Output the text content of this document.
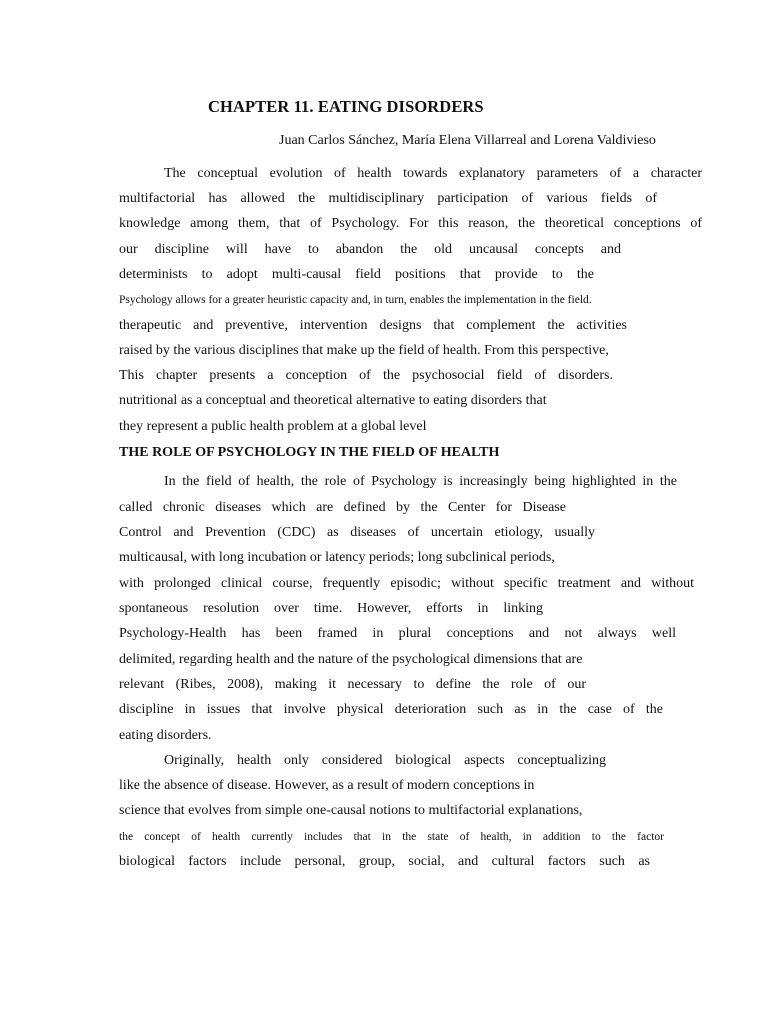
CHAPTER 11. EATING DISORDERS
Juan Carlos Sánchez, María Elena Villarreal and Lorena Valdivieso
The conceptual evolution of health towards explanatory parameters of a character
multifactorial has allowed the multidisciplinary participation of various fields of
knowledge among them, that of Psychology. For this reason, the theoretical conceptions of
our discipline will have to abandon the old uncausal concepts and
determinists to adopt multi-causal field positions that provide to the
Psychology allows for a greater heuristic capacity and, in turn, enables the implementation in the field.
therapeutic and preventive, intervention designs that complement the activities
raised by the various disciplines that make up the field of health. From this perspective,
This chapter presents a conception of the psychosocial field of disorders.
nutritional as a conceptual and theoretical alternative to eating disorders that
they represent a public health problem at a global level
THE ROLE OF PSYCHOLOGY IN THE FIELD OF HEALTH
In the field of health, the role of Psychology is increasingly being highlighted in the
called chronic diseases which are defined by the Center for Disease
Control and Prevention (CDC) as diseases of uncertain etiology, usually
multicausal, with long incubation or latency periods; long subclinical periods,
with prolonged clinical course, frequently episodic; without specific treatment and without
spontaneous resolution over time. However, efforts in linking
Psychology-Health has been framed in plural conceptions and not always well
delimited, regarding health and the nature of the psychological dimensions that are
relevant (Ribes, 2008), making it necessary to define the role of our
discipline in issues that involve physical deterioration such as in the case of the
eating disorders.
Originally, health only considered biological aspects conceptualizing
like the absence of disease. However, as a result of modern conceptions in
science that evolves from simple one-causal notions to multifactorial explanations,
the concept of health currently includes that in the state of health, in addition to the factor
biological factors include personal, group, social, and cultural factors such as
